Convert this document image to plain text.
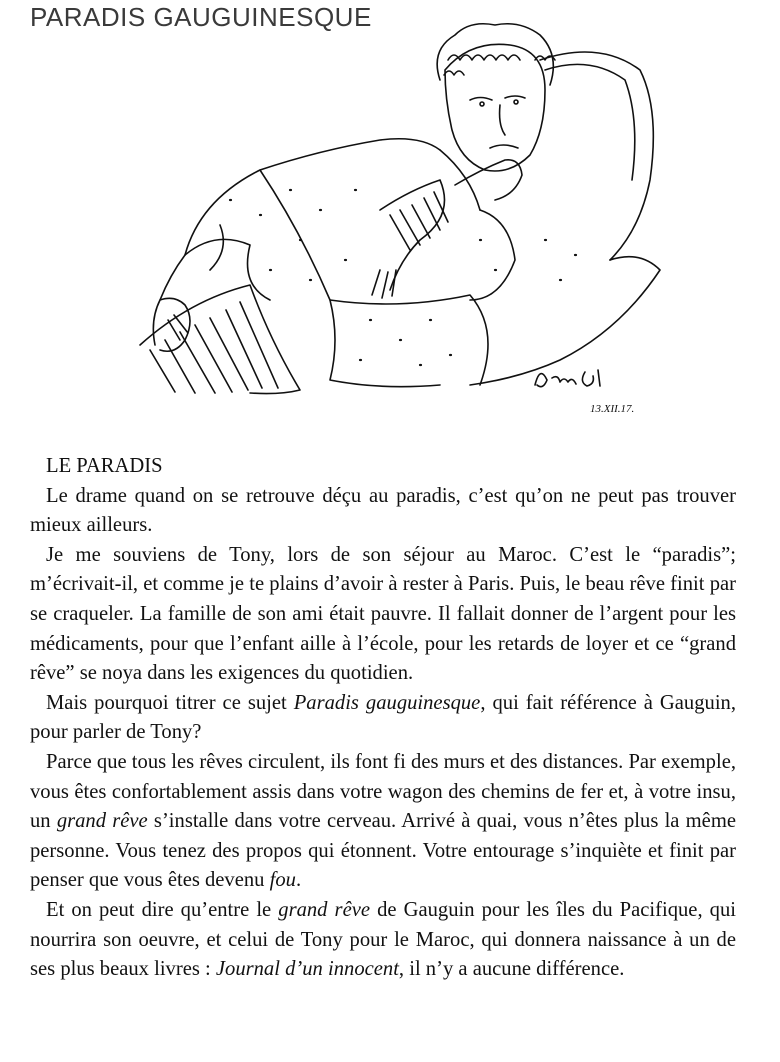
PARADIS GAUGUINESQUE
13.XII.17.

LE PARADIS

Le drame quand on se retrouve déçu au paradis, c’est qu’on ne peut pas trouver mieux ailleurs.

Je me souviens de Tony, lors de son séjour au Maroc. C’est le “paradis”; m’écrivait-il, et comme je te plains d’avoir à rester à Paris. Puis, le beau rêve finit par se craqueler. La famille de son ami était pauvre. Il fallait donner de l’argent pour les médicaments, pour que l’enfant aille à l’école, pour les retards de loyer et ce “grand rêve” se noya dans les exigences du quotidien.

Mais pourquoi titrer ce sujet Paradis gauguinesque, qui fait référence à Gauguin, pour parler de Tony?

Parce que tous les rêves circulent, ils font fi des murs et des distances. Par exemple, vous êtes confortablement assis dans votre wagon des chemins de fer et, à votre insu, un grand rêve s’installe dans votre cerveau. Arrivé à quai, vous n’êtes plus la même personne. Vous tenez des propos qui étonnent. Votre entourage s’inquiète et finit par penser que vous êtes devenu fou.

Et on peut dire qu’entre le grand rêve de Gauguin pour les îles du Pacifique, qui nourrira son oeuvre, et celui de Tony pour le Maroc, qui donnera naissance à un de ses plus beaux livres : Journal d’un innocent, il n’y a aucune différence.
